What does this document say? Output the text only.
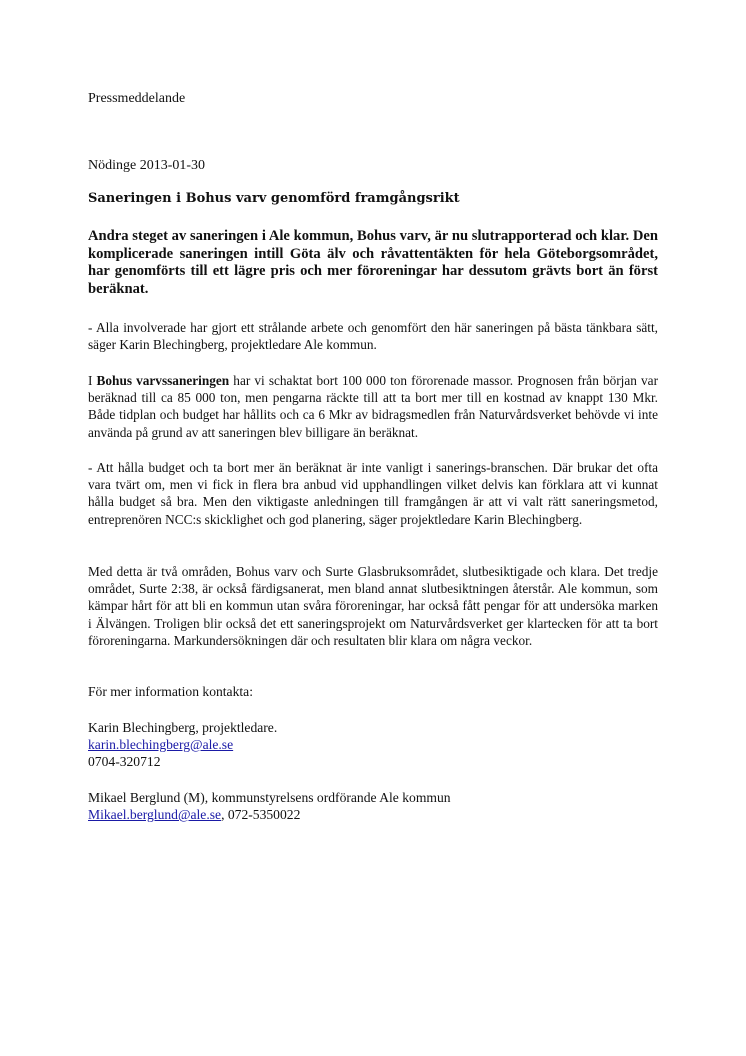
Pressmeddelande
Nödinge 2013-01-30
Saneringen i Bohus varv genomförd framgångsrikt
Andra steget av saneringen i Ale kommun, Bohus varv, är nu slutrapporterad och klar. Den komplicerade saneringen intill Göta älv och råvattentäkten för hela Göteborgsområdet, har genomförts till ett lägre pris och mer föroreningar har dessutom grävts bort än först beräknat.
- Alla involverade har gjort ett strålande arbete och genomfört den här saneringen på bästa tänkbara sätt, säger Karin Blechingberg, projektledare Ale kommun.
I Bohus varvssaneringen har vi schaktat bort 100 000 ton förorenade massor. Prognosen från början var beräknad till ca 85 000 ton, men pengarna räckte till att ta bort mer till en kostnad av knappt 130 Mkr. Både tidplan och budget har hållits och ca 6 Mkr av bidragsmedlen från Naturvårdsverket behövde vi inte använda på grund av att saneringen blev billigare än beräknat.
- Att hålla budget och ta bort mer än beräknat är inte vanligt i sanerings-branschen. Där brukar det ofta vara tvärt om, men vi fick in flera bra anbud vid upphandlingen vilket delvis kan förklara att vi kunnat hålla budget så bra. Men den viktigaste anledningen till framgången är att vi valt rätt saneringsmetod, entreprenören NCC:s skicklighet och god planering, säger projektledare Karin Blechingberg.
Med detta är två områden, Bohus varv och Surte Glasbruksområdet, slutbesiktigade och klara. Det tredje området, Surte 2:38, är också färdigsanerat, men bland annat slutbesiktningen återstår. Ale kommun, som kämpar hårt för att bli en kommun utan svåra föroreningar, har också fått pengar för att undersöka marken i Älvängen. Troligen blir också det ett saneringsprojekt om Naturvårdsverket ger klartecken för att ta bort föroreningarna. Markundersökningen där och resultaten blir klara om några veckor.
För mer information kontakta:
Karin Blechingberg, projektledare.
karin.blechingberg@ale.se
0704-320712
Mikael Berglund (M), kommunstyrelsens ordförande Ale kommun
Mikael.berglund@ale.se, 072-5350022
